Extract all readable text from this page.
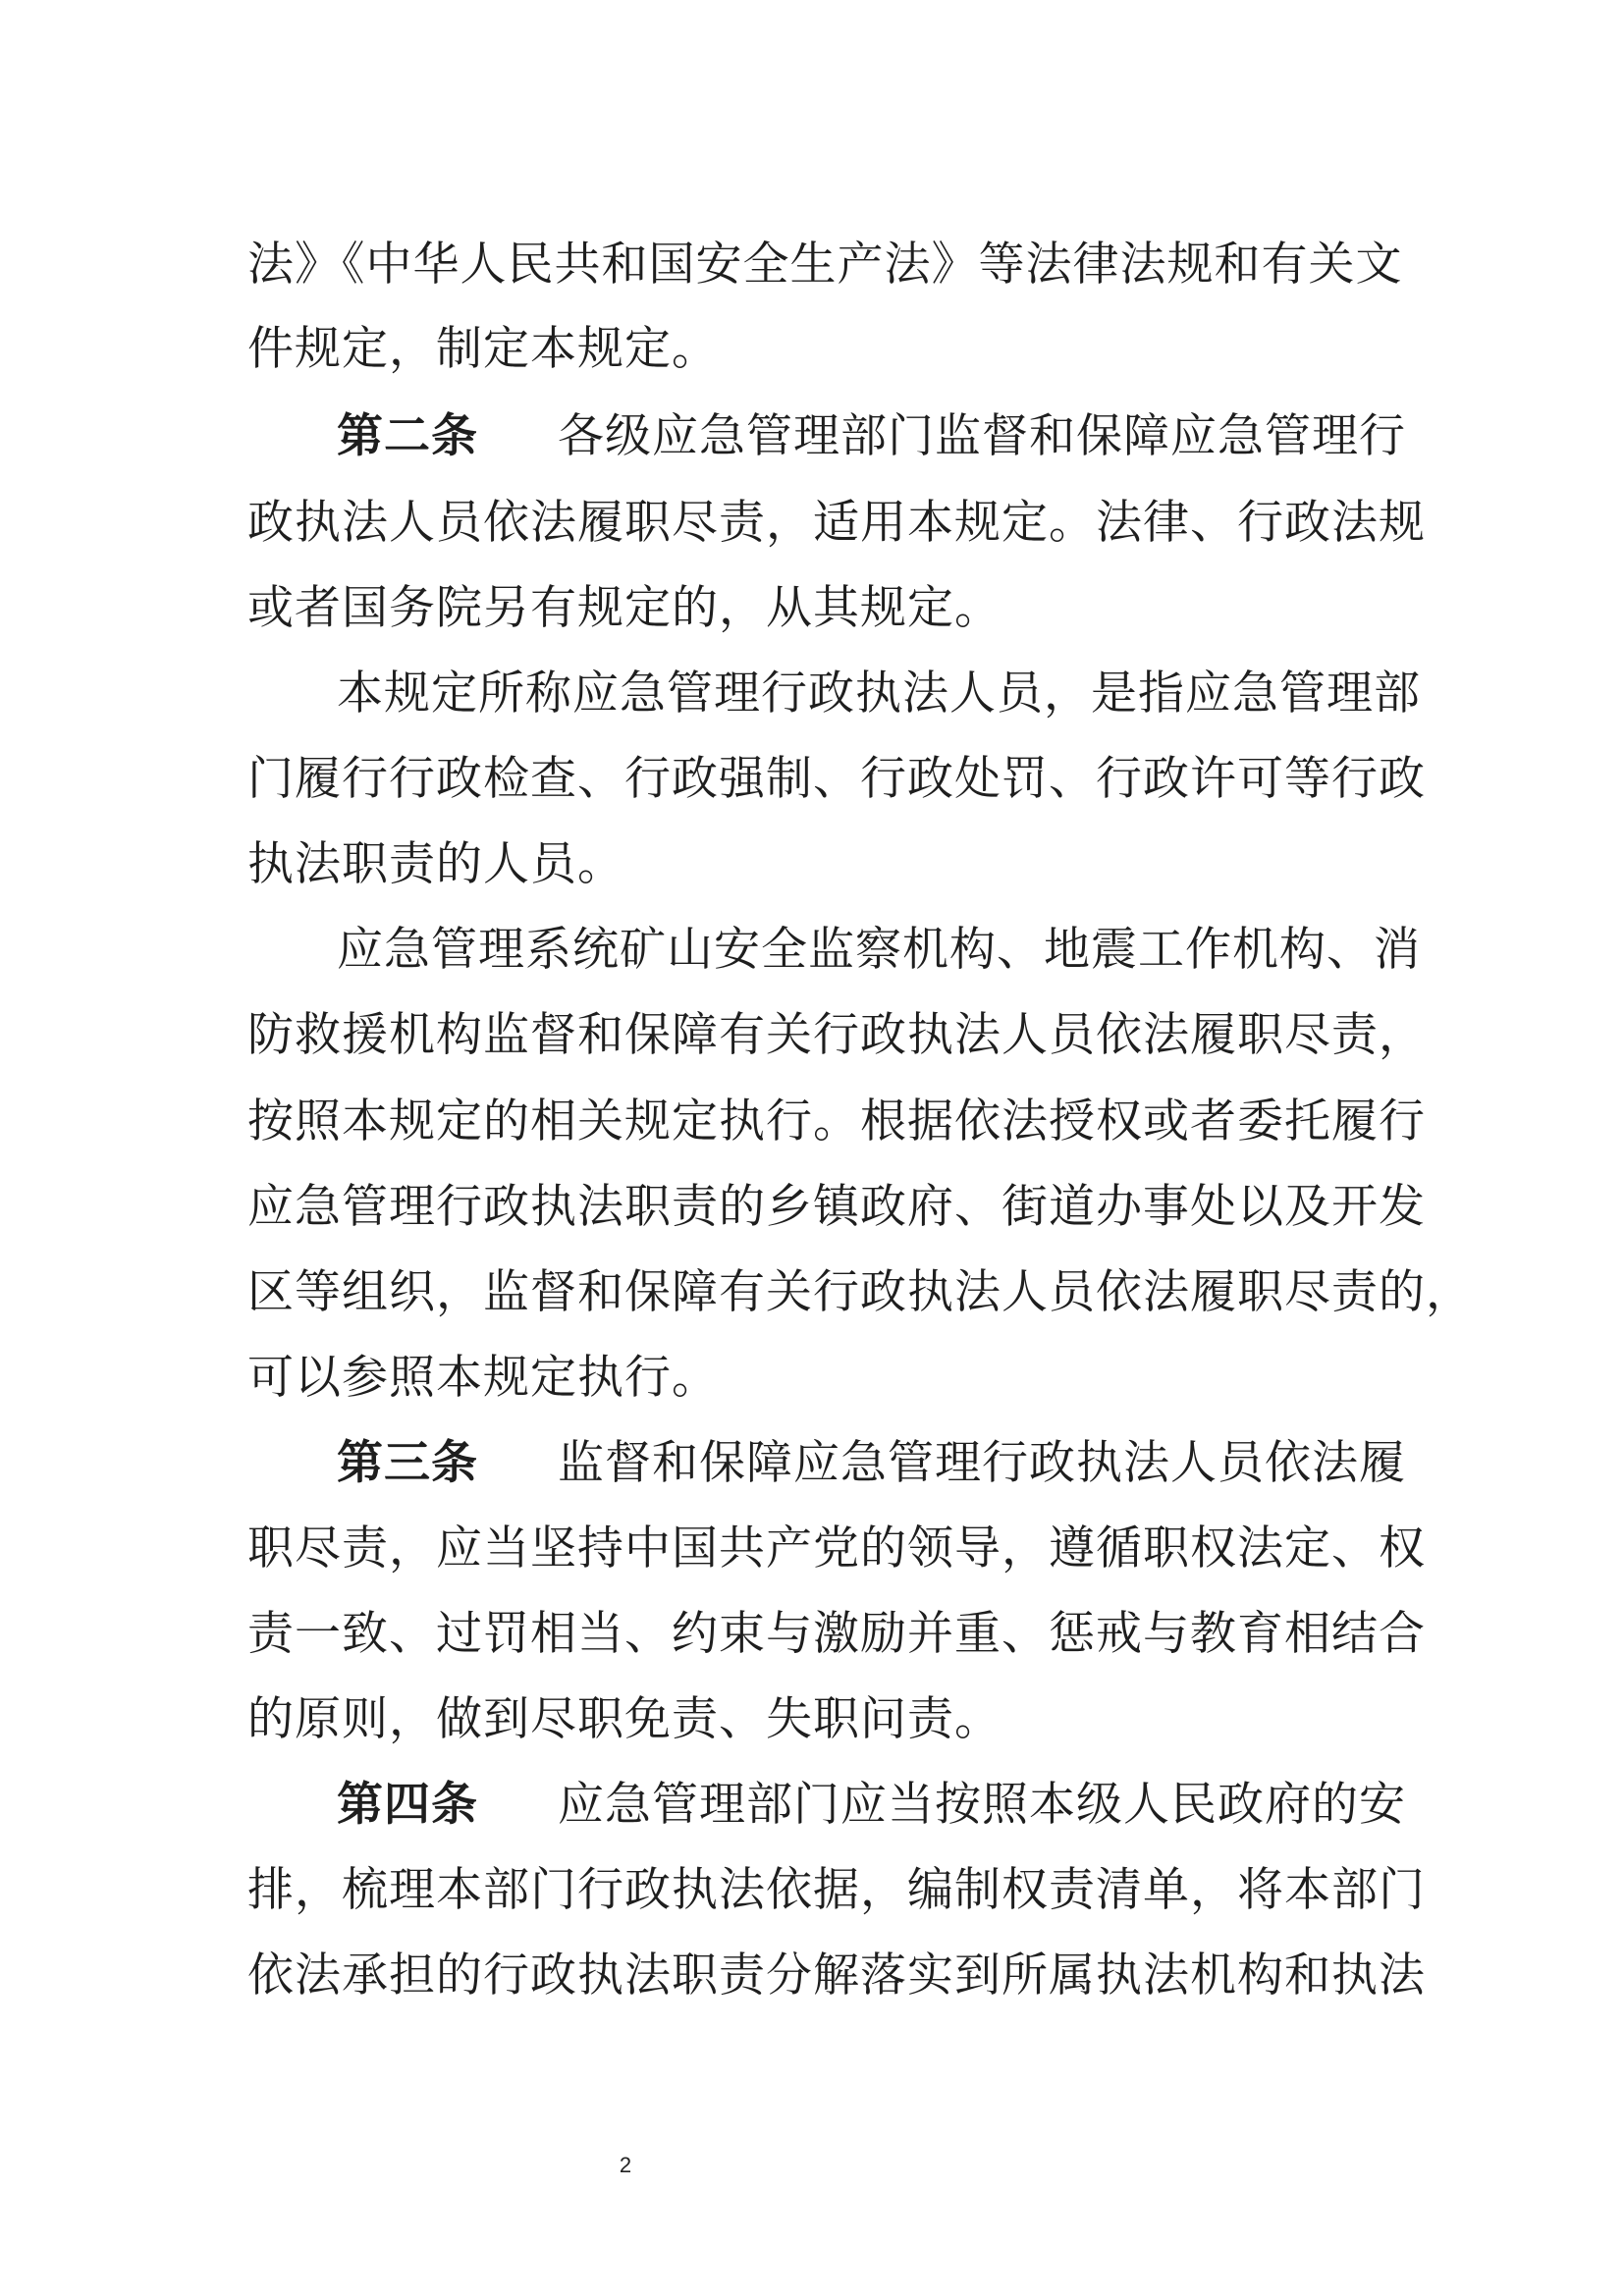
法》《中华人民共和国安全生产法》等法律法规和有关文
件规定，制定本规定。
第二条 各级应急管理部门监督和保障应急管理行
政执法人员依法履职尽责，适用本规定。法律、行政法规
或者国务院另有规定的，从其规定。
本规定所称应急管理行政执法人员，是指应急管理部
门履行行政检查、行政强制、行政处罚、行政许可等行政
执法职责的人员。
应急管理系统矿山安全监察机构、地震工作机构、消
防救援机构监督和保障有关行政执法人员依法履职尽责，
按照本规定的相关规定执行。根据依法授权或者委托履行
应急管理行政执法职责的乡镇政府、街道办事处以及开发
区等组织，监督和保障有关行政执法人员依法履职尽责的，
可以参照本规定执行。
第三条 监督和保障应急管理行政执法人员依法履
职尽责，应当坚持中国共产党的领导，遵循职权法定、权
责一致、过罚相当、约束与激励并重、惩戒与教育相结合
的原则，做到尽职免责、失职问责。
第四条 应急管理部门应当按照本级人民政府的安
排，梳理本部门行政执法依据，编制权责清单，将本部门
依法承担的行政执法职责分解落实到所属执法机构和执法
2
